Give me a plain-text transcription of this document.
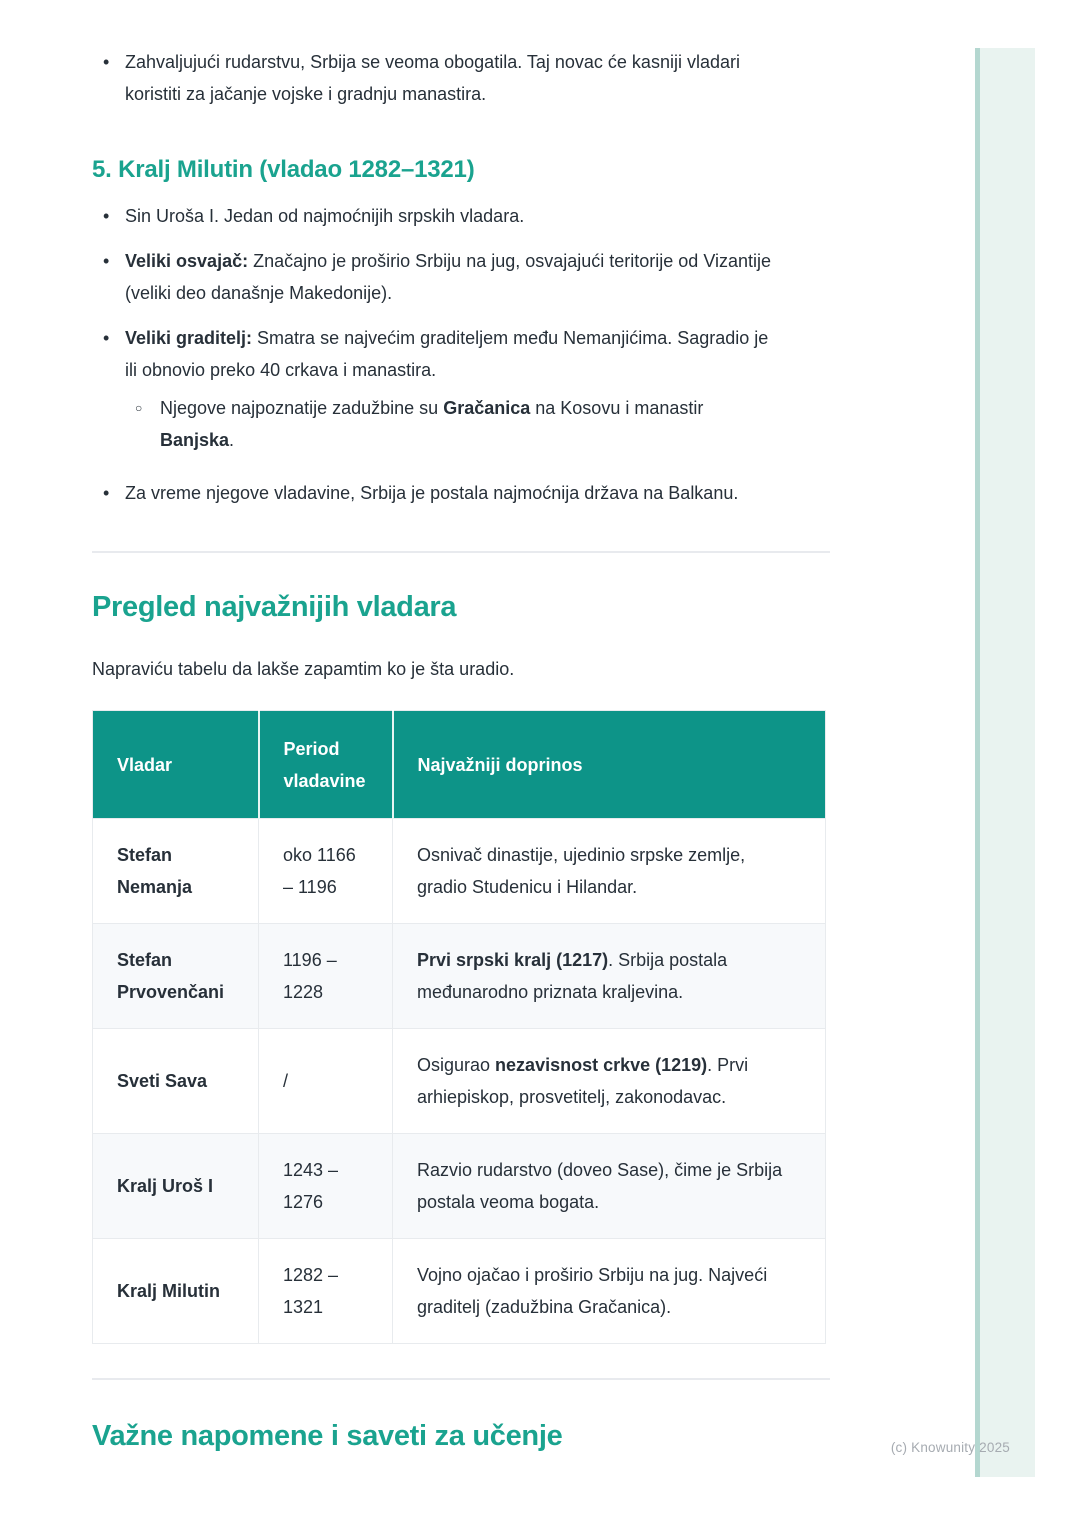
(c) Knowunity 2025
• Zahvaljujući rudarstvu, Srbija se veoma obogatila. Taj novac će kasniji vladari koristiti za jačanje vojske i gradnju manastira.
5. Kralj Milutin (vladao 1282–1321)
• Sin Uroša I. Jedan od najmoćnijih srpskih vladara.
• Veliki osvajač: Značajno je proširio Srbiju na jug, osvajajući teritorije od Vizantije (veliki deo današnje Makedonije).
• Veliki graditelj: Smatra se najvećim graditeljem među Nemanjićima. Sagradio je ili obnovio preko 40 crkava i manastira.
○ Njegove najpoznatije zadužbine su Gračanica na Kosovu i manastir Banjska.
• Za vreme njegove vladavine, Srbija je postala najmoćnija država na Balkanu.
Pregled najvažnijih vladara

Napraviću tabelu da lakše zapamtim ko je šta uradio.

Vladar	Period vladavine	Najvažniji doprinos
Stefan Nemanja	oko 1166 – 1196	Osnivač dinastije, ujedinio srpske zemlje, gradio Studenicu i Hilandar.
Stefan Prvovenčani	1196 – 1228	Prvi srpski kralj (1217). Srbija postala međunarodno priznata kraljevina.
Sveti Sava	/	Osigurao nezavisnost crkve (1219). Prvi arhiepiskop, prosvetitelj, zakonodavac.
Kralj Uroš I	1243 – 1276	Razvio rudarstvo (doveo Sase), čime je Srbija postala veoma bogata.
Kralj Milutin	1282 – 1321	Vojno ojačao i proširio Srbiju na jug. Najveći graditelj (zadužbina Gračanica).
Važne napomene i saveti za učenje
